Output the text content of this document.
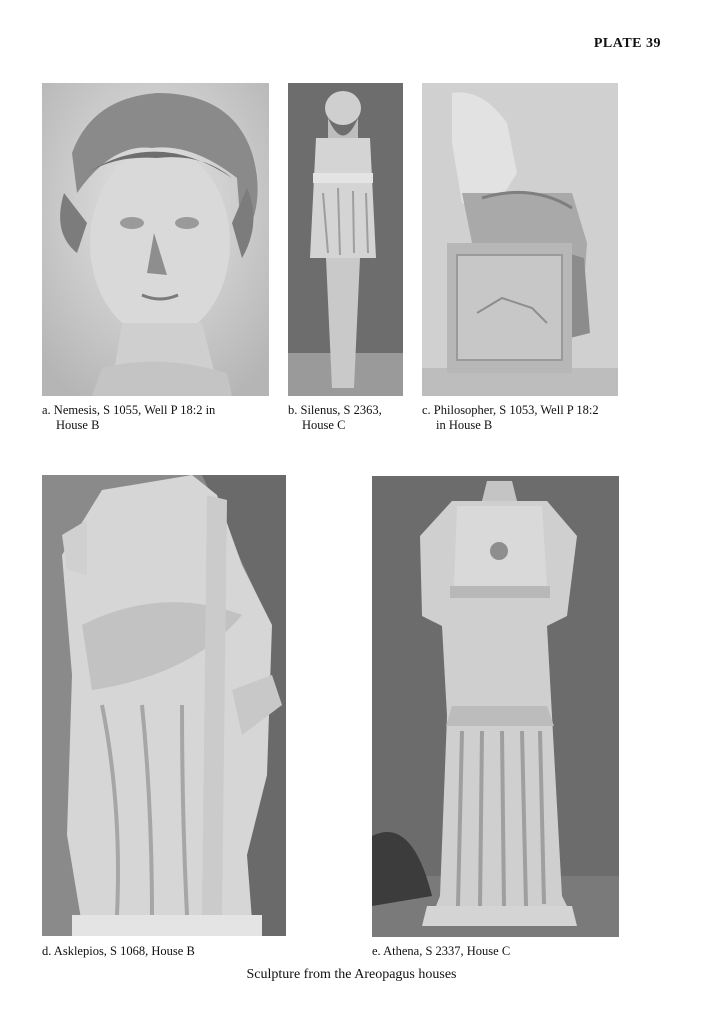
PLATE 39
a. Nemesis, S 1055, Well P 18:2 in
House B
b. Silenus, S 2363,
House C
c. Philosopher, S 1053, Well P 18:2
in House B
d. Asklepios, S 1068, House B	e. Athena, S 2337, House C
Sculpture from the Areopagus houses
